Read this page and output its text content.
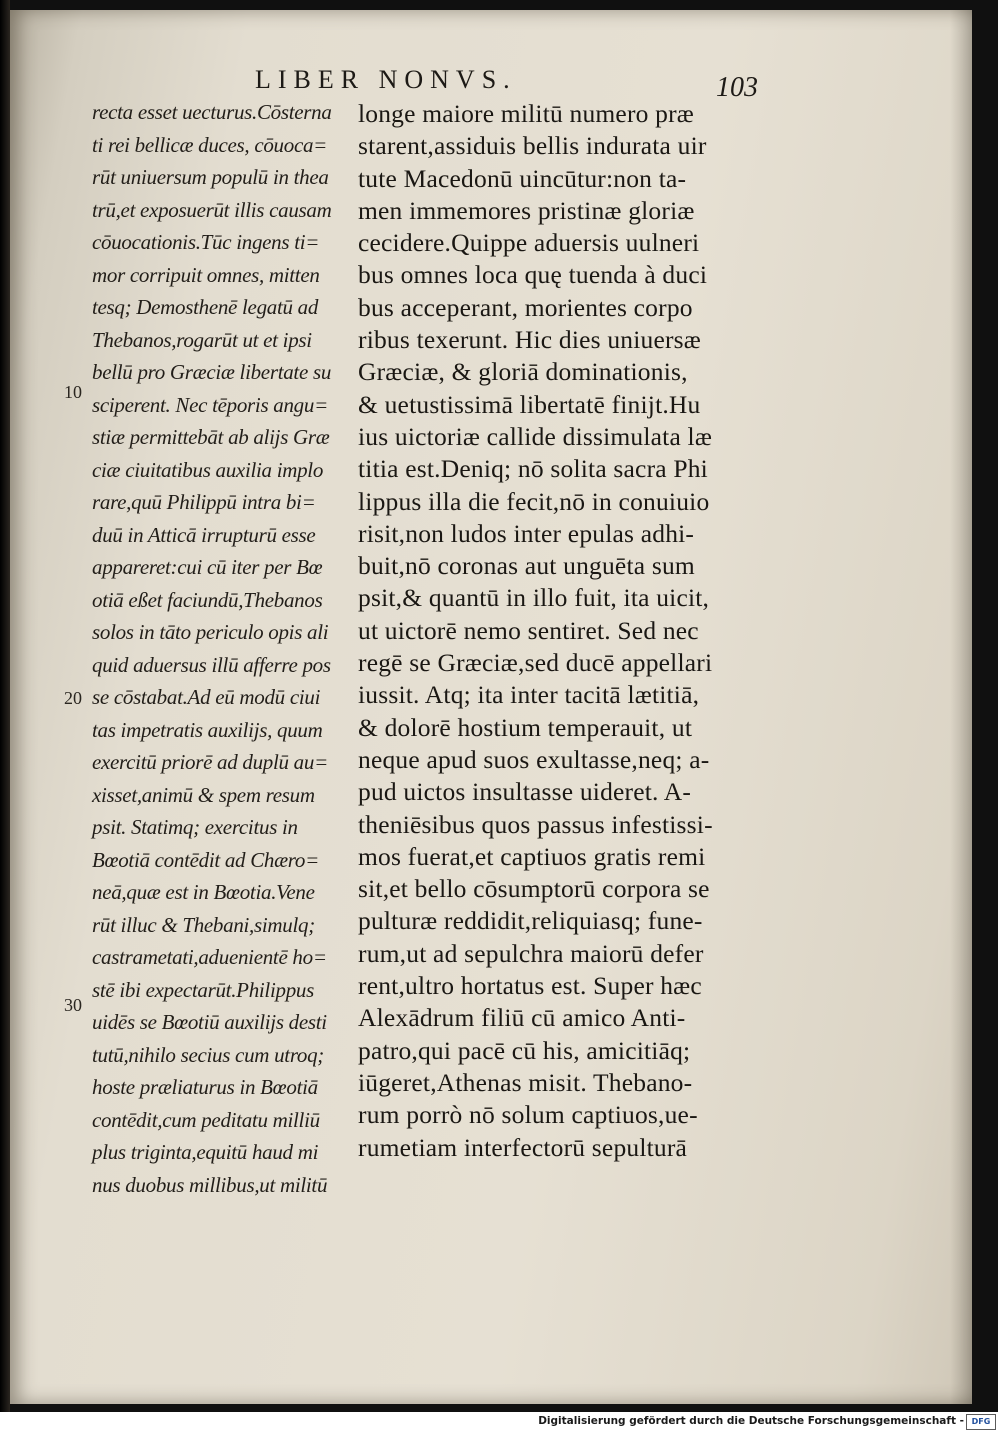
LIBER NONVS.	103
10
20
30
recta esset uecturus.Cōsterna
ti rei bellicæ duces, cōuoca=
rūt uniuersum populū in thea
trū,et exposuerūt illis causam
cōuocationis.Tūc ingens ti=
mor corripuit omnes, mitten
tesq; Demosthenē legatū ad
Thebanos,rogarūt ut et ipsi
bellū pro Græciæ libertate su
sciperent. Nec tēporis angu=
stiæ permittebāt ab alijs Græ
ciæ ciuitatibus auxilia implo
rare,quū Philippū intra bi=
duū in Atticā irrupturū esse
appareret:cui cū iter per Bœ
otiā eßet faciundū,Thebanos
solos in tāto periculo opis ali
quid aduersus illū afferre pos
se cōstabat.Ad eū modū ciui
tas impetratis auxilijs, quum
exercitū priorē ad duplū au=
xisset,animū & spem resum
psit. Statimq; exercitus in
Bœotiā contēdit ad Chæro=
neā,quæ est in Bœotia.Vene
rūt illuc & Thebani,simulq;
castrametati,aduenientē ho=
stē ibi expectarūt.Philippus
uidēs se Bœotiū auxilijs desti
tutū,nihilo secius cum utroq;
hoste præliaturus in Bœotiā
contēdit,cum peditatu milliū
plus triginta,equitū haud mi
nus duobus millibus,ut militū
longe maiore militū numero præ
starent,assiduis bellis indurata uir
tute Macedonū uincūtur:non ta-
men immemores pristinæ gloriæ
cecidere.Quippe aduersis uulneri
bus omnes loca quę tuenda à duci
bus acceperant, morientes corpo
ribus texerunt. Hic dies uniuersæ
Græciæ, & gloriā dominationis,
& uetustissimā libertatē finijt.Hu
ius uictoriæ callide dissimulata læ
titia est.Deniq; nō solita sacra Phi
lippus illa die fecit,nō in conuiuio
risit,non ludos inter epulas adhi-
buit,nō coronas aut unguēta sum
psit,& quantū in illo fuit, ita uicit,
ut uictorē nemo sentiret. Sed nec
regē se Græciæ,sed ducē appellari
iussit. Atq; ita inter tacitā lætitiā,
& dolorē hostium temperauit, ut
neque apud suos exultasse,neq; a-
pud uictos insultasse uideret. A-
theniēsibus quos passus infestissi-
mos fuerat,et captiuos gratis remi
sit,et bello cōsumptorū corpora se
pulturæ reddidit,reliquiasq; fune-
rum,ut ad sepulchra maiorū defer
rent,ultro hortatus est. Super hæc
Alexādrum filiū cū amico Anti-
patro,qui pacē cū his, amicitiāq;
iūgeret,Athenas misit. Thebano-
rum porrò nō solum captiuos,ue-
rumetiam interfectorū sepulturā
Digitalisierung gefördert durch die Deutsche Forschungsgemeinschaft - DFG
